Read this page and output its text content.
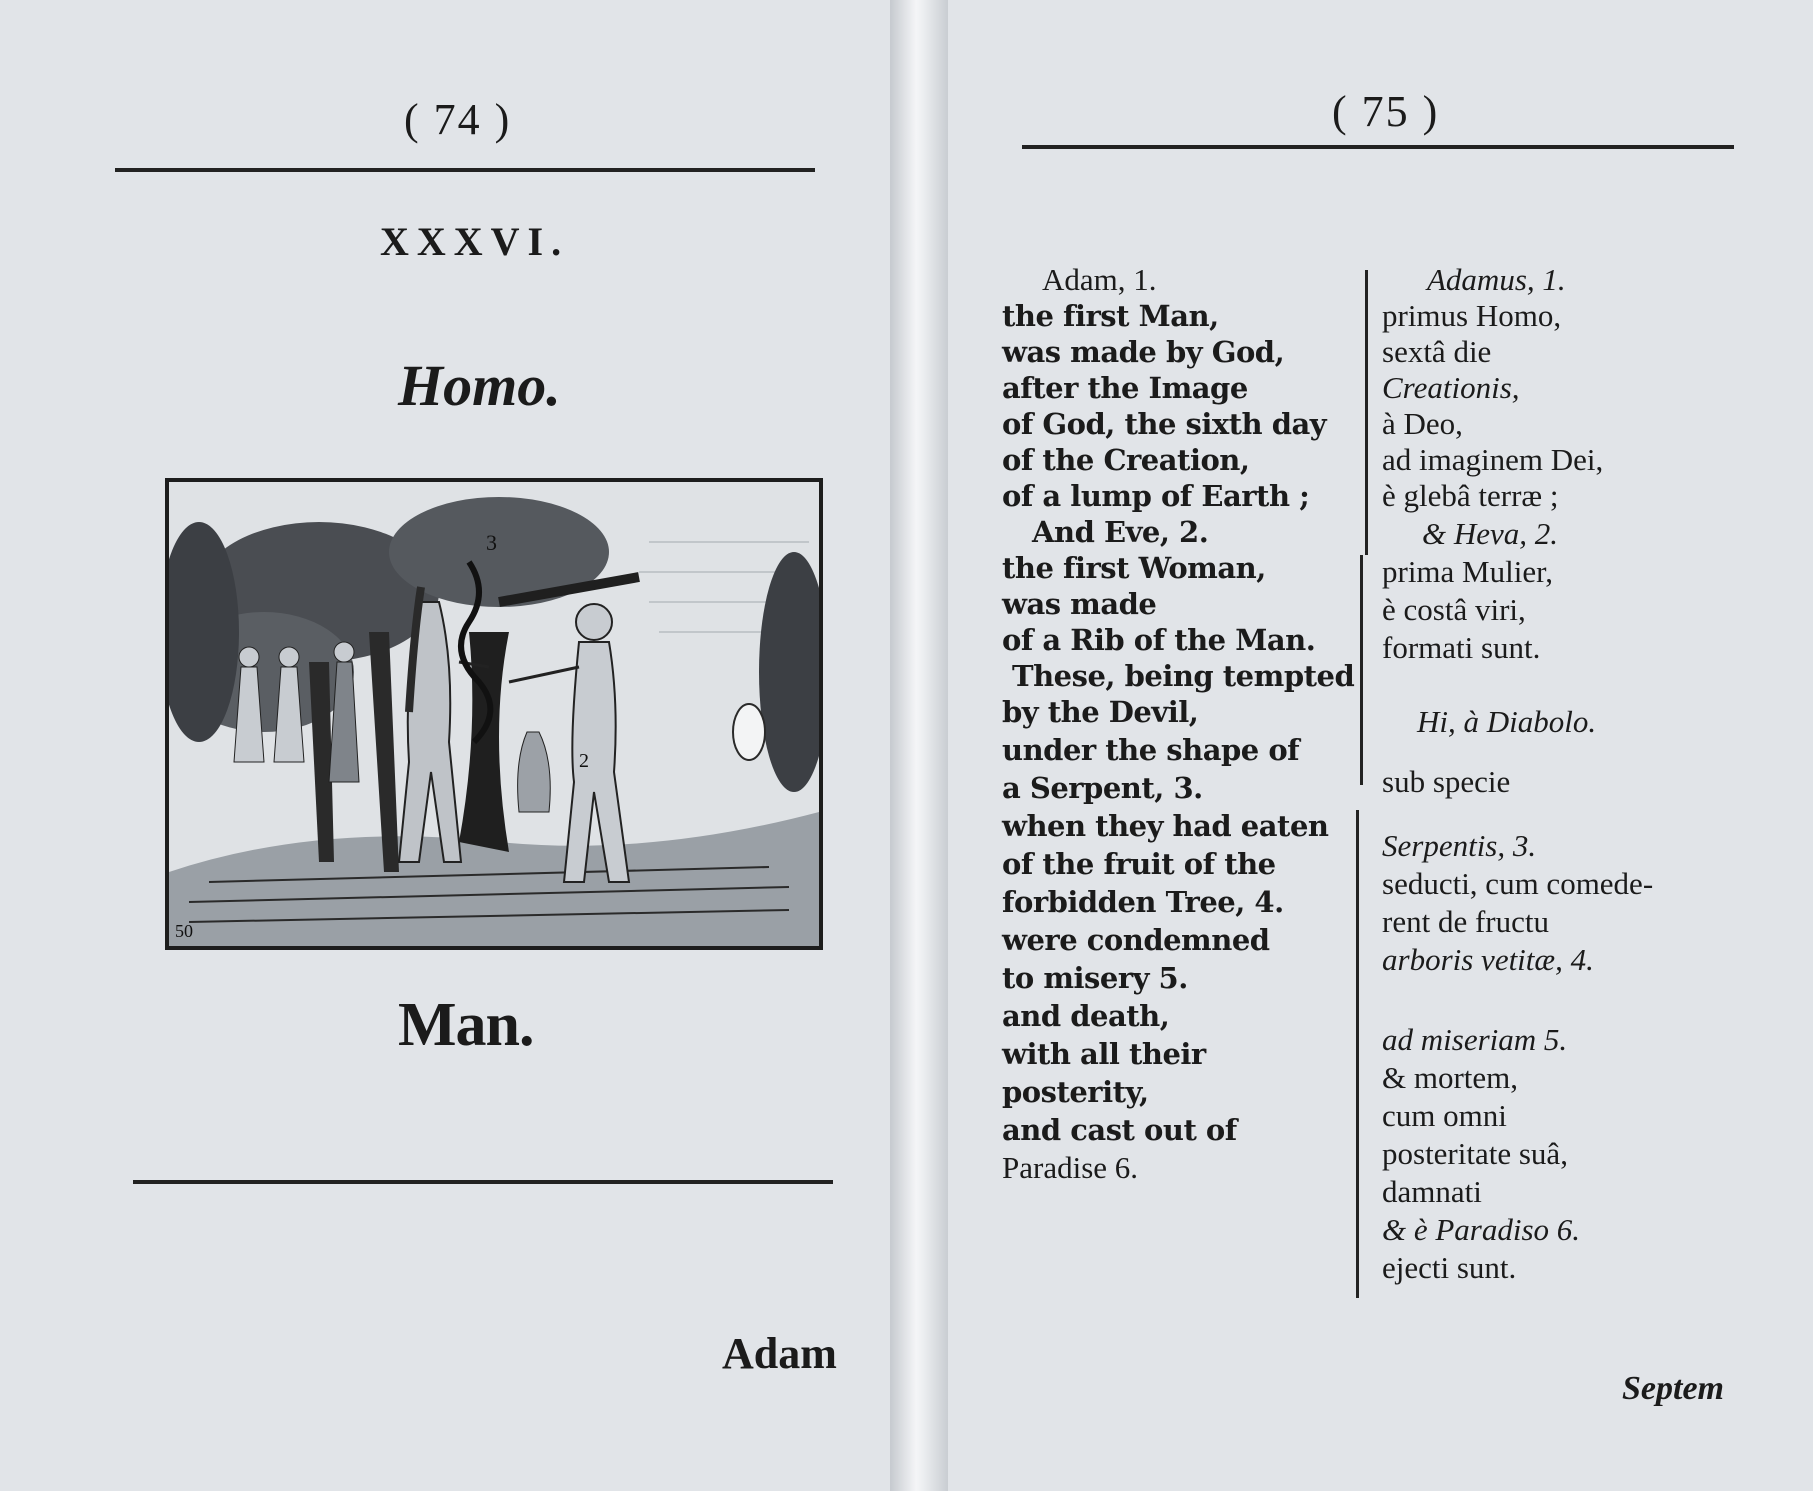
( 74 )
XXXVI.
Homo.
3
2
50
Man.
Adam
( 75 )
Adam, 1.
the first Man,
was made by God,
after the Image
of God, the sixth day
of the Creation,
of a lump of Earth ;
And Eve, 2.
the first Woman,
was made
of a Rib of the Man.
These, being tempted
by the Devil,
under the shape of
a Serpent, 3.
when they had eaten
of the fruit of the
forbidden Tree, 4.
were condemned
to misery 5.
and death,
with all their
posterity,
and cast out of
Paradise 6.
Adamus, 1.
primus Homo,
sextâ die
Creationis,
à Deo,
ad imaginem Dei,
è glebâ terræ ;
& Heva, 2.
prima Mulier,
è costâ viri,
formati sunt.
Hi, à Diabolo.
sub specie
Serpentis, 3.
seducti, cum comede-
rent de fructu
arboris vetitæ, 4.
ad miseriam 5.
& mortem,
cum omni
posteritate suâ,
damnati
& è Paradiso 6.
ejecti sunt.
Septem
